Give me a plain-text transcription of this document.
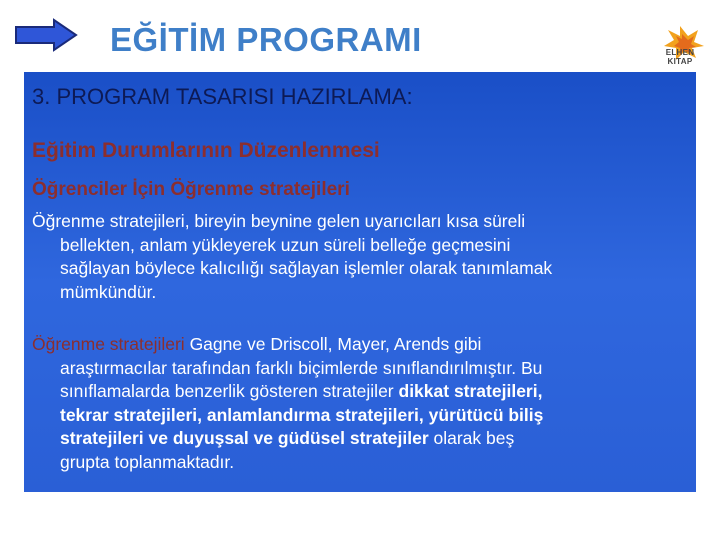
EĞİTİM PROGRAMI	ELHEN KITAP
3. PROGRAM TASARISI HAZIRLAMA:
Eğitim Durumlarının Düzenlenmesi
Öğrenciler İçin Öğrenme stratejileri
Öğrenme stratejileri, bireyin beynine gelen uyarıcıları kısa süreli
bellekten, anlam yükleyerek uzun süreli belleğe geçmesini
sağlayan böylece kalıcılığı sağlayan işlemler olarak tanımlamak
mümkündür.
Öğrenme stratejileri Gagne ve Driscoll, Mayer, Arends gibi
araştırmacılar tarafından farklı biçimlerde sınıflandırılmıştır. Bu
sınıflamalarda benzerlik gösteren stratejiler dikkat stratejileri,
tekrar stratejileri, anlamlandırma stratejileri, yürütücü biliş
stratejileri ve duyuşsal ve güdüsel stratejiler olarak beş
grupta toplanmaktadır.
